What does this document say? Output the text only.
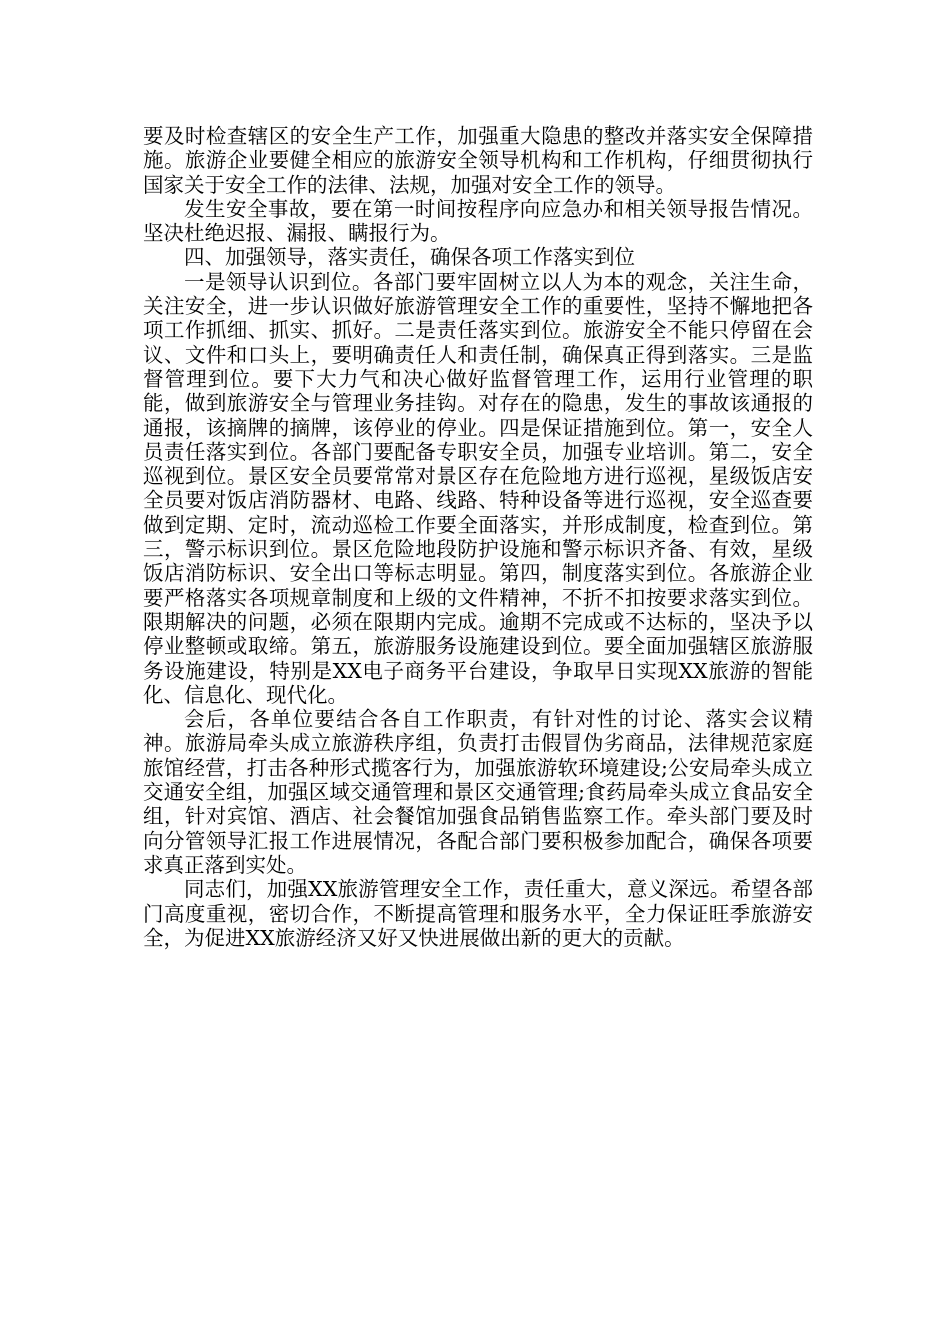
要及时检查辖区的安全生产工作，加强重大隐患的整改并落实安全保障措施。旅游企业要健全相应的旅游安全领导机构和工作机构，仔细贯彻执行国家关于安全工作的法律、法规，加强对安全工作的领导。

发生安全事故，要在第一时间按程序向应急办和相关领导报告情况。坚决杜绝迟报、漏报、瞒报行为。

四、加强领导，落实责任，确保各项工作落实到位

一是领导认识到位。各部门要牢固树立以人为本的观念，关注生命，关注安全，进一步认识做好旅游管理安全工作的重要性，坚持不懈地把各项工作抓细、抓实、抓好。二是责任落实到位。旅游安全不能只停留在会议、文件和口头上，要明确责任人和责任制，确保真正得到落实。三是监督管理到位。要下大力气和决心做好监督管理工作，运用行业管理的职能，做到旅游安全与管理业务挂钩。对存在的隐患，发生的事故该通报的通报，该摘牌的摘牌，该停业的停业。四是保证措施到位。第一，安全人员责任落实到位。各部门要配备专职安全员，加强专业培训。第二，安全巡视到位。景区安全员要常常对景区存在危险地方进行巡视，星级饭店安全员要对饭店消防器材、电路、线路、特种设备等进行巡视，安全巡查要做到定期、定时，流动巡检工作要全面落实，并形成制度，检查到位。第三，警示标识到位。景区危险地段防护设施和警示标识齐备、有效，星级饭店消防标识、安全出口等标志明显。第四，制度落实到位。各旅游企业要严格落实各项规章制度和上级的文件精神，不折不扣按要求落实到位。限期解决的问题，必须在限期内完成。逾期不完成或不达标的，坚决予以停业整顿或取缔。第五，旅游服务设施建设到位。要全面加强辖区旅游服务设施建设，特别是XX电子商务平台建设，争取早日实现XX旅游的智能化、信息化、现代化。

会后，各单位要结合各自工作职责，有针对性的讨论、落实会议精神。旅游局牵头成立旅游秩序组，负责打击假冒伪劣商品，法律规范家庭旅馆经营，打击各种形式揽客行为，加强旅游软环境建设;公安局牵头成立交通安全组，加强区域交通管理和景区交通管理;食药局牵头成立食品安全组，针对宾馆、酒店、社会餐馆加强食品销售监察工作。牵头部门要及时向分管领导汇报工作进展情况，各配合部门要积极参加配合，确保各项要求真正落到实处。

同志们，加强XX旅游管理安全工作，责任重大，意义深远。希望各部门高度重视，密切合作，不断提高管理和服务水平，全力保证旺季旅游安全，为促进XX旅游经济又好又快进展做出新的更大的贡献。
